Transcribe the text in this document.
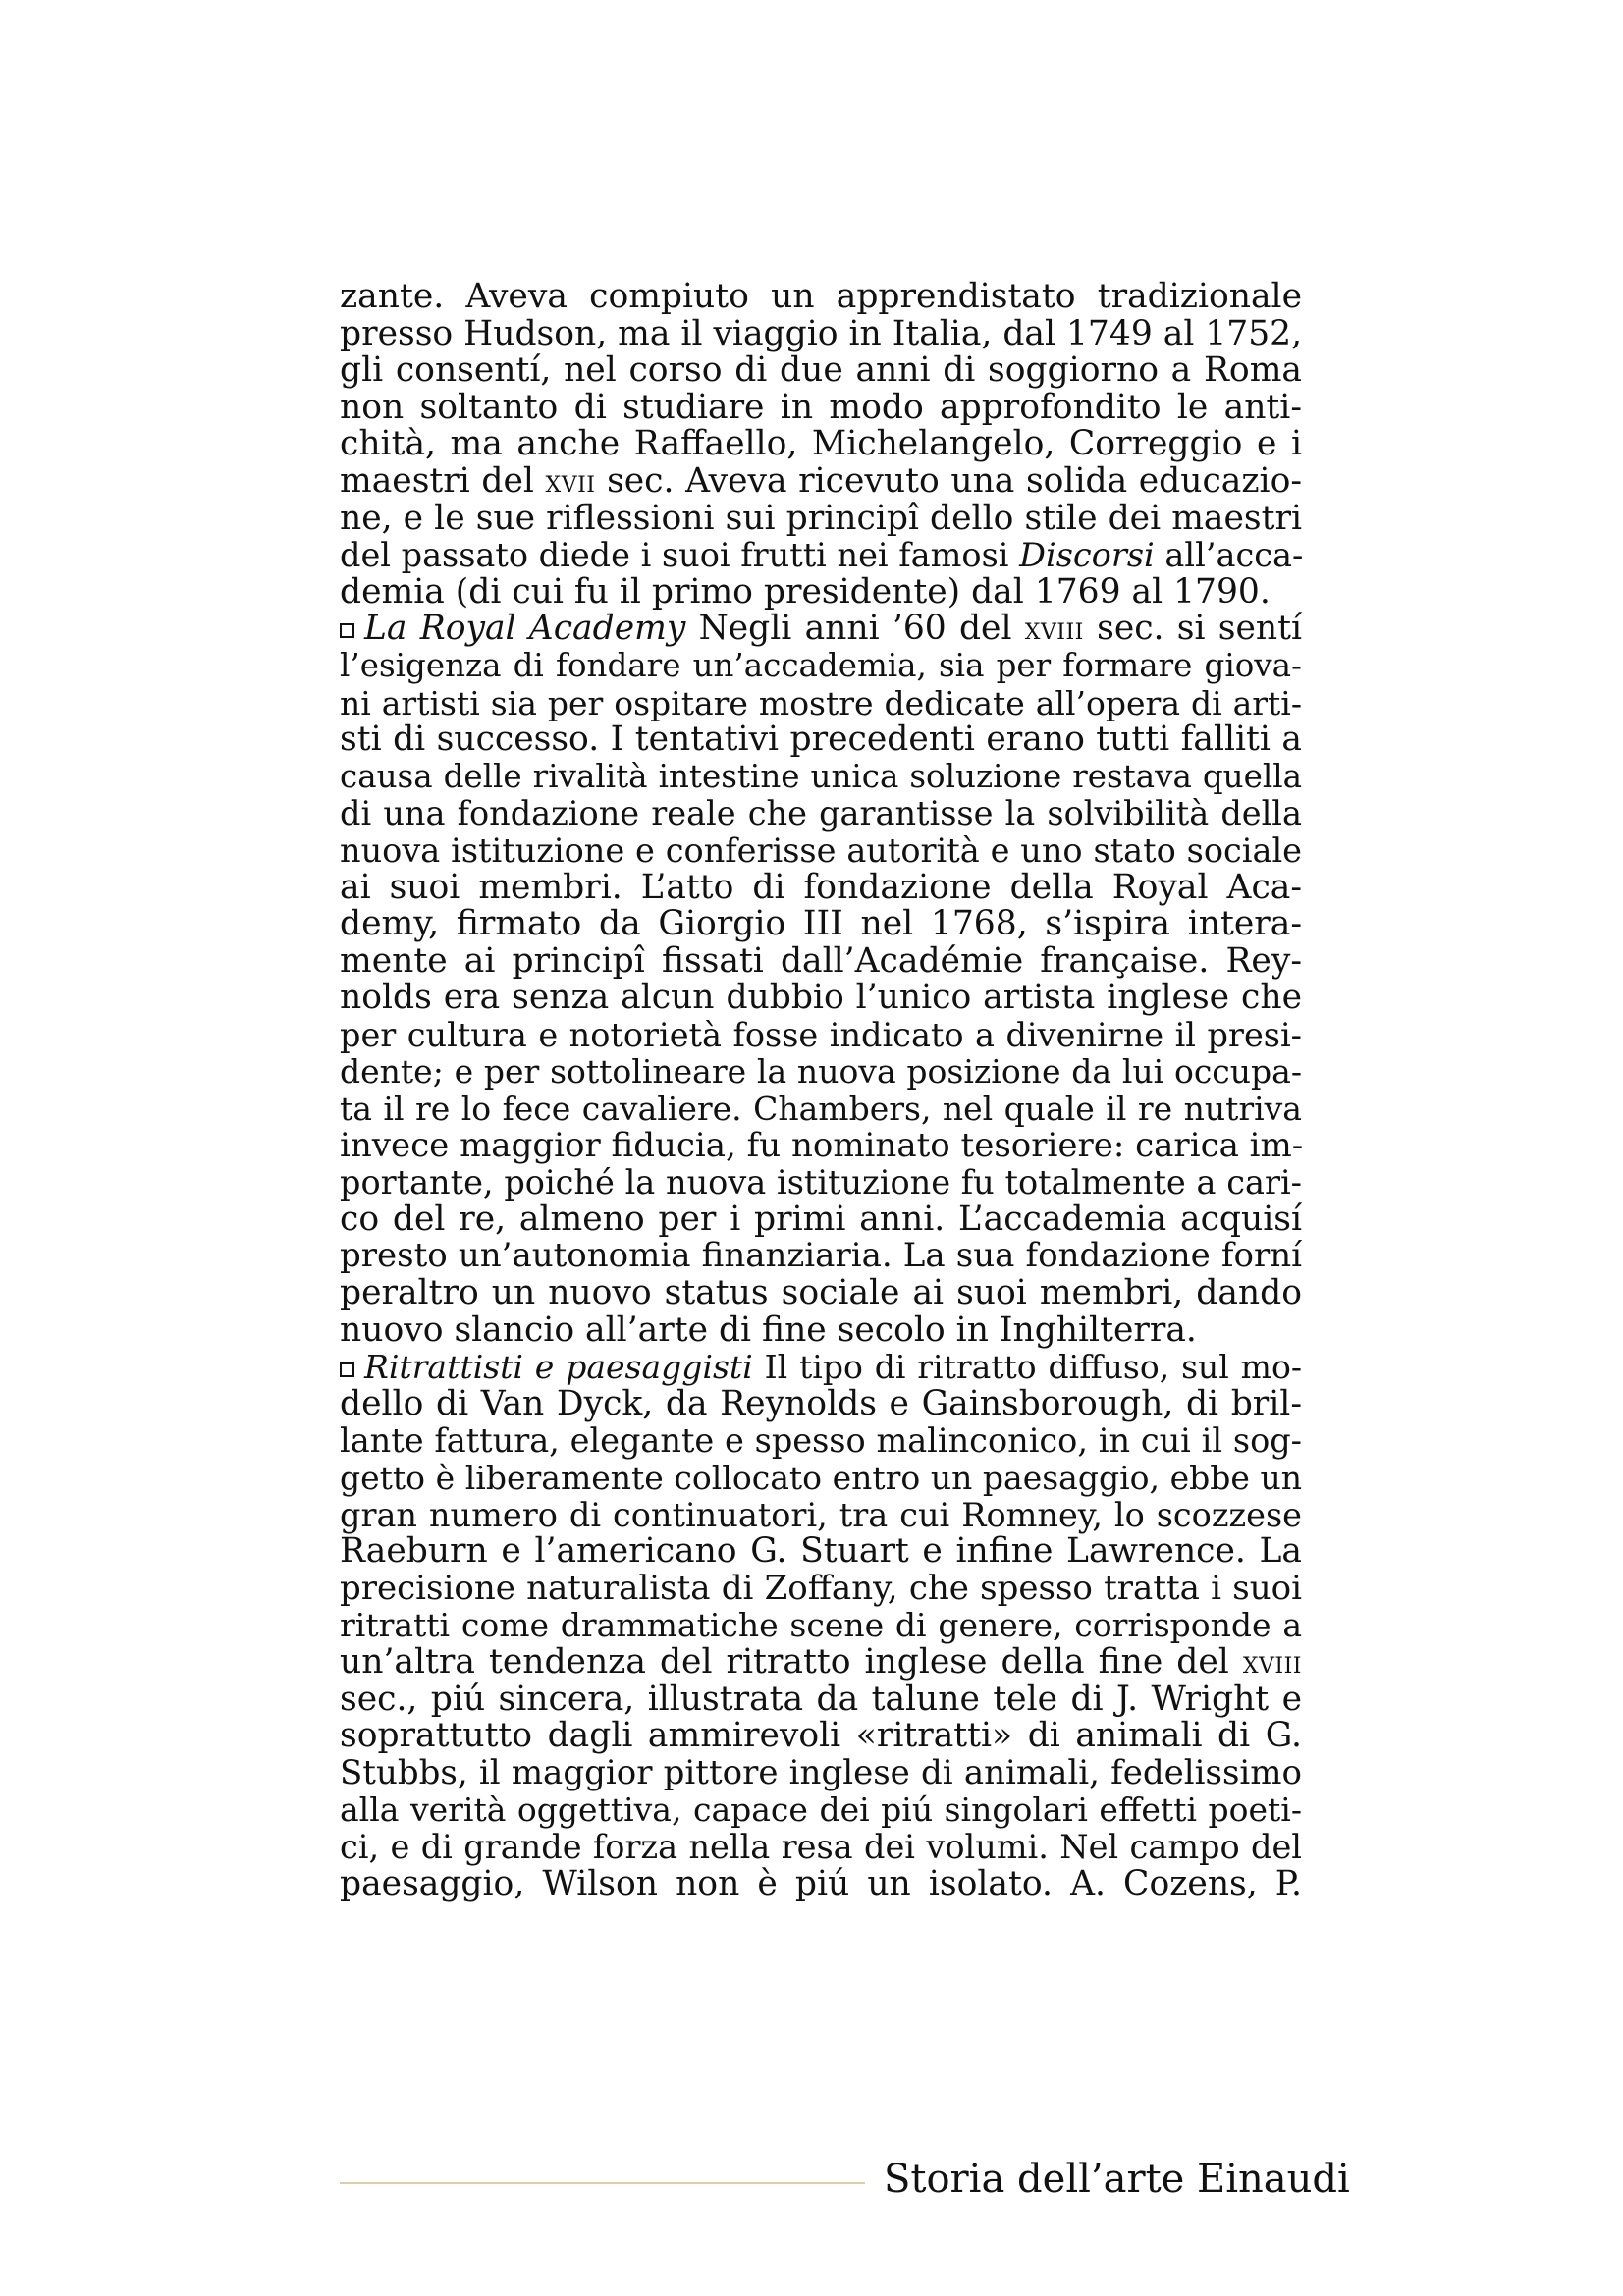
zante. Aveva compiuto un apprendistato tradizionale
presso Hudson, ma il viaggio in Italia, dal 1749 al 1752,
gli consentí, nel corso di due anni di soggiorno a Roma
non soltanto di studiare in modo approfondito le anti-
chità, ma anche Raffaello, Michelangelo, Correggio e i
maestri del xvii sec. Aveva ricevuto una solida educazio-
ne, e le sue riflessioni sui principî dello stile dei maestri
del passato diede i suoi frutti nei famosi Discorsi all’acca-
demia (di cui fu il primo presidente) dal 1769 al 1790.
La Royal Academy Negli anni ’60 del xviii sec. si sentí
l’esigenza di fondare un’accademia, sia per formare giova-
ni artisti sia per ospitare mostre dedicate all’opera di arti-
sti di successo. I tentativi precedenti erano tutti falliti a
causa delle rivalità intestine unica soluzione restava quella
di una fondazione reale che garantisse la solvibilità della
nuova istituzione e conferisse autorità e uno stato sociale
ai suoi membri. L’atto di fondazione della Royal Aca-
demy, firmato da Giorgio III nel 1768, s’ispira intera-
mente ai principî fissati dall’Académie française. Rey-
nolds era senza alcun dubbio l’unico artista inglese che
per cultura e notorietà fosse indicato a divenirne il presi-
dente; e per sottolineare la nuova posizione da lui occupa-
ta il re lo fece cavaliere. Chambers, nel quale il re nutriva
invece maggior fiducia, fu nominato tesoriere: carica im-
portante, poiché la nuova istituzione fu totalmente a cari-
co del re, almeno per i primi anni. L’accademia acquisí
presto un’autonomia finanziaria. La sua fondazione forní
peraltro un nuovo status sociale ai suoi membri, dando
nuovo slancio all’arte di fine secolo in Inghilterra.
Ritrattisti e paesaggisti Il tipo di ritratto diffuso, sul mo-
dello di Van Dyck, da Reynolds e Gainsborough, di bril-
lante fattura, elegante e spesso malinconico, in cui il sog-
getto è liberamente collocato entro un paesaggio, ebbe un
gran numero di continuatori, tra cui Romney, lo scozzese
Raeburn e l’americano G. Stuart e infine Lawrence. La
precisione naturalista di Zoffany, che spesso tratta i suoi
ritratti come drammatiche scene di genere, corrisponde a
un’altra tendenza del ritratto inglese della fine del xviii
sec., piú sincera, illustrata da talune tele di J. Wright e
soprattutto dagli ammirevoli «ritratti» di animali di G.
Stubbs, il maggior pittore inglese di animali, fedelissimo
alla verità oggettiva, capace dei piú singolari effetti poeti-
ci, e di grande forza nella resa dei volumi. Nel campo del
paesaggio, Wilson non è piú un isolato. A. Cozens, P.
Storia dell’arte Einaudi
